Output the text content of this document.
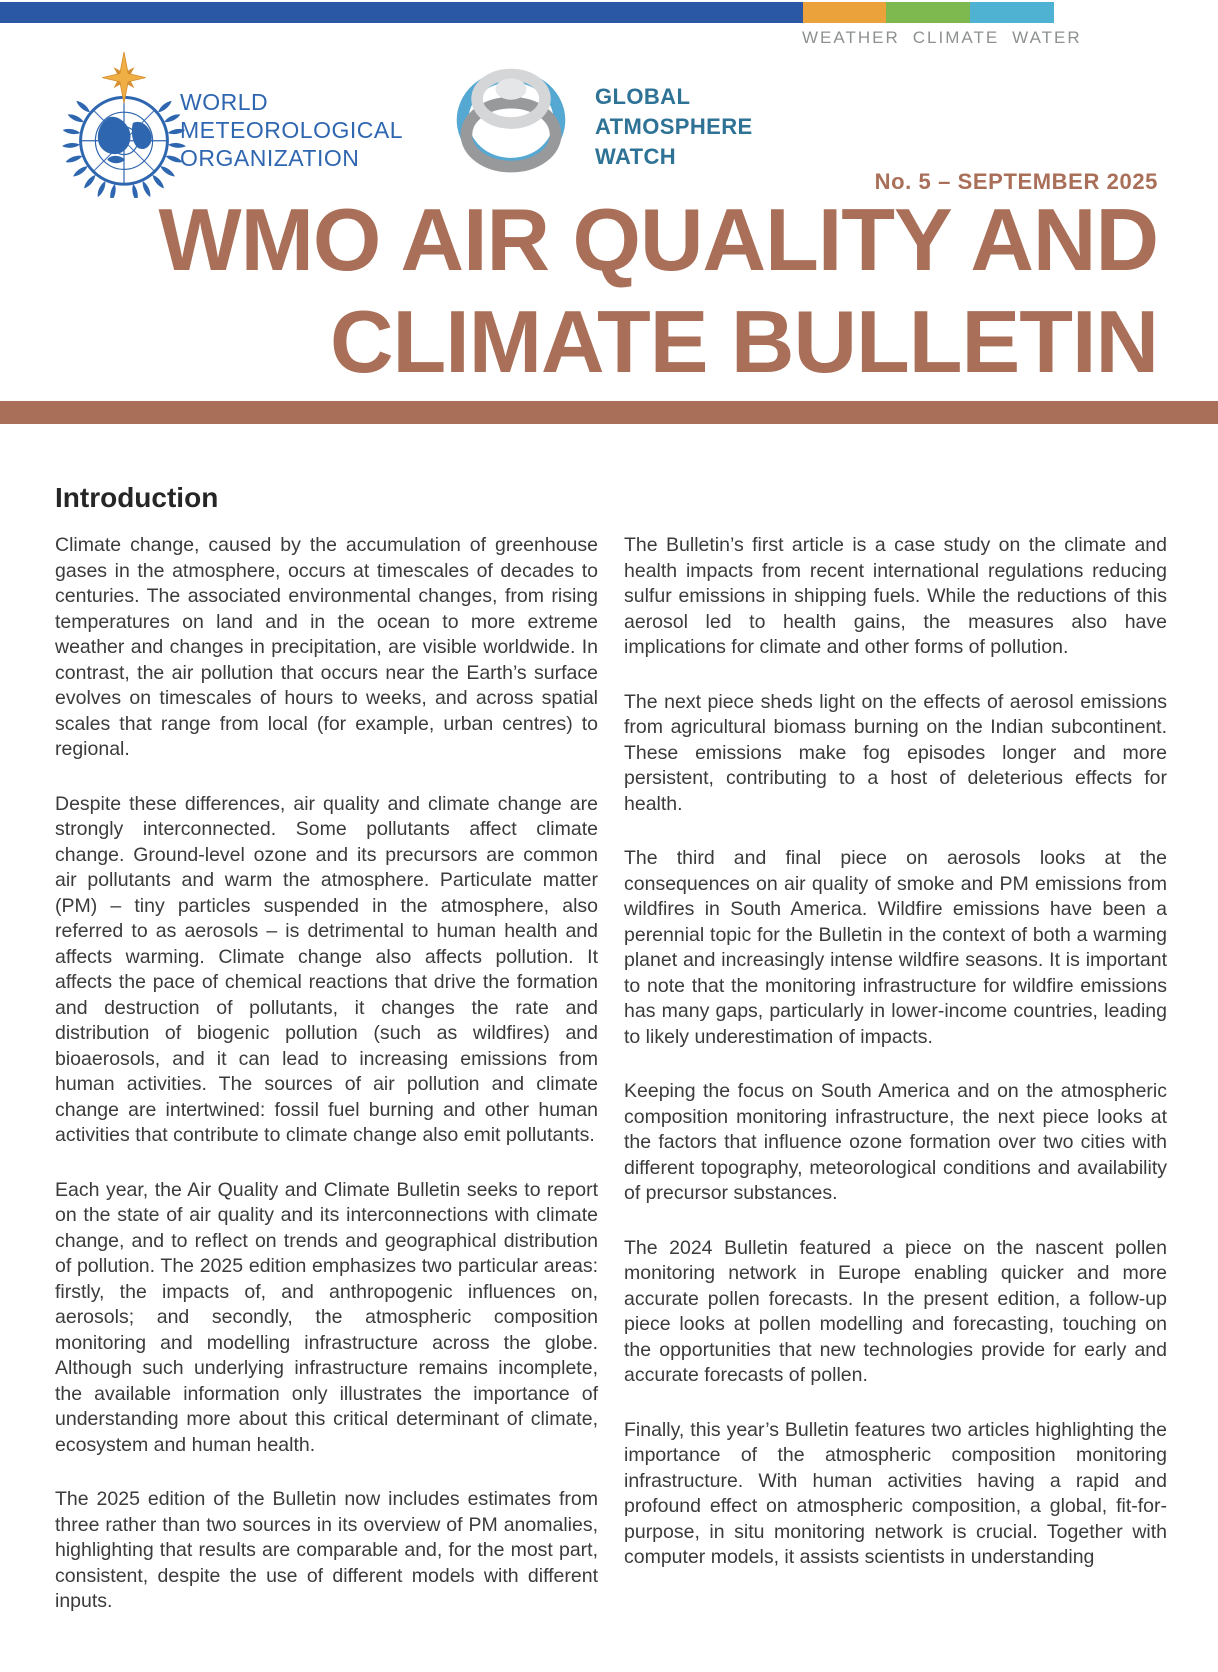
WEATHER CLIMATE WATER
WORLD
METEOROLOGICAL
ORGANIZATION
GLOBAL
ATMOSPHERE
WATCH
No. 5 – SEPTEMBER 2025
WMO AIR QUALITY AND
CLIMATE BULLETIN
Introduction

Climate change, caused by the accumulation of greenhouse gases in the atmosphere, occurs at timescales of decades to centuries. The associated environmental changes, from rising temperatures on land and in the ocean to more extreme weather and changes in precipitation, are visible worldwide. In contrast, the air pollution that occurs near the Earth’s surface evolves on timescales of hours to weeks, and across spatial scales that range from local (for example, urban centres) to regional.

Despite these differences, air quality and climate change are strongly interconnected. Some pollutants affect climate change. Ground-level ozone and its precursors are common air pollutants and warm the atmosphere. Particulate matter (PM) – tiny particles suspended in the atmosphere, also referred to as aerosols – is detrimental to human health and affects warming. Climate change also affects pollution. It affects the pace of chemical reactions that drive the formation and destruction of pollutants, it changes the rate and distribution of biogenic pollution (such as wildfires) and bioaerosols, and it can lead to increasing emissions from human activities. The sources of air pollution and climate change are intertwined: fossil fuel burning and other human activities that contribute to climate change also emit pollutants.

Each year, the Air Quality and Climate Bulletin seeks to report on the state of air quality and its interconnections with climate change, and to reflect on trends and geographical distribution of pollution. The 2025 edition emphasizes two particular areas: firstly, the impacts of, and anthropogenic influences on, aerosols; and secondly, the atmospheric composition monitoring and modelling infrastructure across the globe. Although such underlying infrastructure remains incomplete, the available information only illustrates the importance of understanding more about this critical determinant of climate, ecosystem and human health.

The 2025 edition of the Bulletin now includes estimates from three rather than two sources in its overview of PM anomalies, highlighting that results are comparable and, for the most part, consistent, despite the use of different models with different inputs.

The Bulletin’s first article is a case study on the climate and health impacts from recent international regulations reducing sulfur emissions in shipping fuels. While the reductions of this aerosol led to health gains, the measures also have implications for climate and other forms of pollution.

The next piece sheds light on the effects of aerosol emissions from agricultural biomass burning on the Indian subcontinent. These emissions make fog episodes longer and more persistent, contributing to a host of deleterious effects for health.

The third and final piece on aerosols looks at the consequences on air quality of smoke and PM emissions from wildfires in South America. Wildfire emissions have been a perennial topic for the Bulletin in the context of both a warming planet and increasingly intense wildfire seasons. It is important to note that the monitoring infrastructure for wildfire emissions has many gaps, particularly in lower-income countries, leading to likely underestimation of impacts.

Keeping the focus on South America and on the atmospheric composition monitoring infrastructure, the next piece looks at the factors that influence ozone formation over two cities with different topography, meteorological conditions and availability of precursor substances.

The 2024 Bulletin featured a piece on the nascent pollen monitoring network in Europe enabling quicker and more accurate pollen forecasts. In the present edition, a follow-up piece looks at pollen modelling and forecasting, touching on the opportunities that new technologies provide for early and accurate forecasts of pollen.

Finally, this year’s Bulletin features two articles highlighting the importance of the atmospheric composition monitoring infrastructure. With human activities having a rapid and profound effect on atmospheric composition, a global, fit-for-purpose, in situ monitoring network is crucial. Together with computer models, it assists scientists in understanding
